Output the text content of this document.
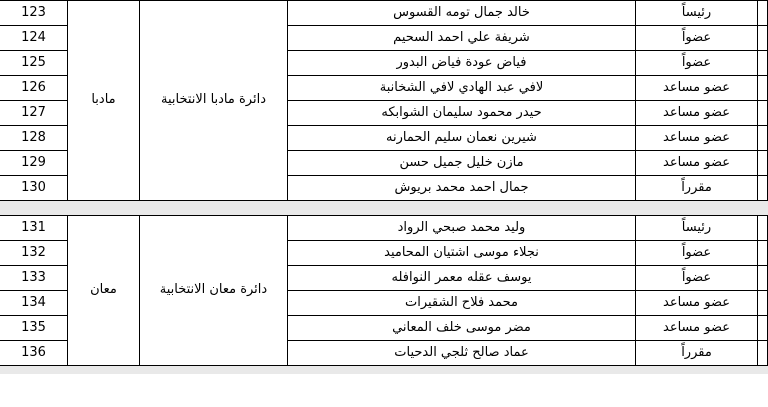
	رئيساً	خالد جمال تومه القسوس	دائرة مادبا الانتخابية	مادبا	123
	عضواً	شريفة علي احمد السحيم			124
	عضواً	فياض عودة فياض البدور			125
	عضو مساعد	لافي عبد الهادي لافي الشخانبة			126
	عضو مساعد	حيدر محمود سليمان الشوابكه			127
	عضو مساعد	شيرين نعمان سليم الحمارنه			128
	عضو مساعد	مازن خليل جميل حسن			129
	مقرراً	جمال احمد محمد بريوش			130
	رئيساً	وليد محمد صبحي الرواد	دائرة معان الانتخابية	معان	131
	عضواً	نجلاء موسى اشتيان المحاميد			132
	عضواً	يوسف عقله معمر النوافله			133
	عضو مساعد	محمد فلاح الشقيرات			134
	عضو مساعد	مضر موسى خلف المعاني			135
	مقرراً	عماد صالح ثلجي الدحيات			136
